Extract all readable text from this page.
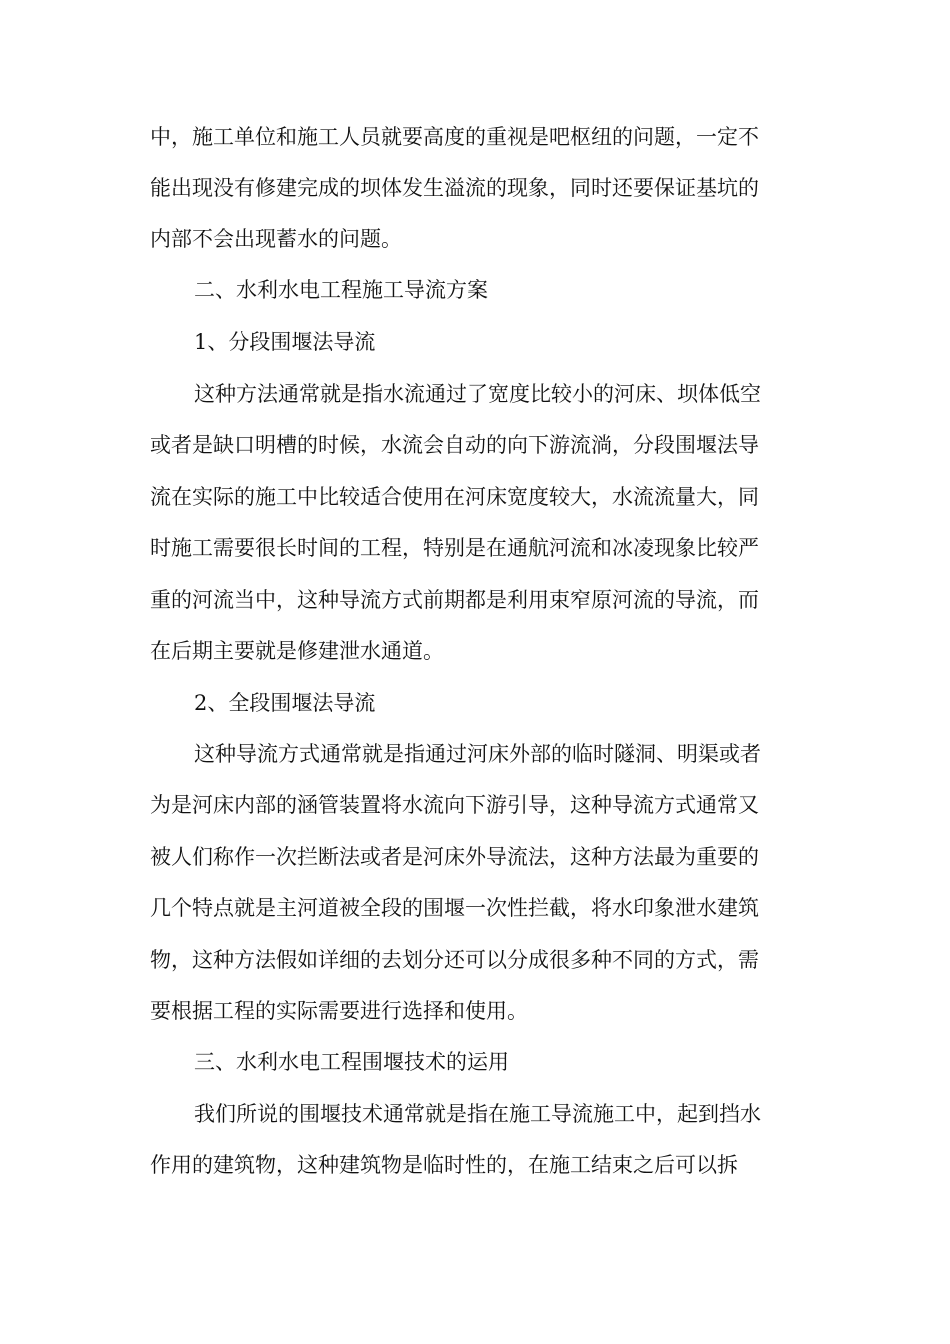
中，施工单位和施工人员就要高度的重视是吧枢纽的问题，一定不
能出现没有修建完成的坝体发生溢流的现象，同时还要保证基坑的
内部不会出现蓄水的问题。
二、水利水电工程施工导流方案
1、分段围堰法导流
这种方法通常就是指水流通过了宽度比较小的河床、坝体低空
或者是缺口明槽的时候，水流会自动的向下游流淌，分段围堰法导
流在实际的施工中比较适合使用在河床宽度较大，水流流量大，同
时施工需要很长时间的工程，特别是在通航河流和冰凌现象比较严
重的河流当中，这种导流方式前期都是利用束窄原河流的导流，而
在后期主要就是修建泄水通道。
2、全段围堰法导流
这种导流方式通常就是指通过河床外部的临时隧洞、明渠或者
为是河床内部的涵管装置将水流向下游引导，这种导流方式通常又
被人们称作一次拦断法或者是河床外导流法，这种方法最为重要的
几个特点就是主河道被全段的围堰一次性拦截，将水印象泄水建筑
物，这种方法假如详细的去划分还可以分成很多种不同的方式，需
要根据工程的实际需要进行选择和使用。
三、水利水电工程围堰技术的运用
我们所说的围堰技术通常就是指在施工导流施工中，起到挡水
作用的建筑物，这种建筑物是临时性的，在施工结束之后可以拆
